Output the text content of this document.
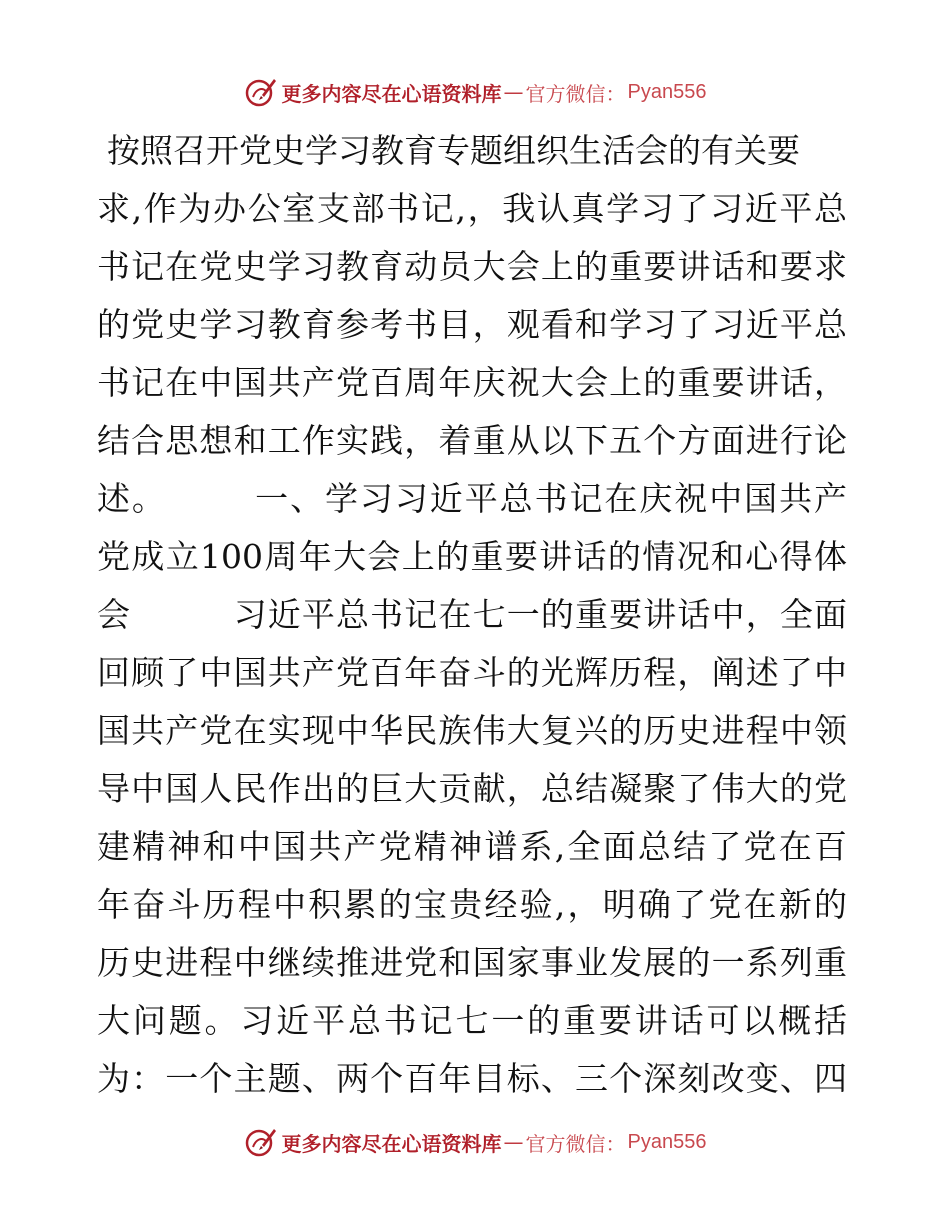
更多内容尽在心语资料库 — 官方微信： Pyan556
按照召开党史学习教育专题组织生活会的有关要
求,作为办公室支部书记,，我认真学习了习近平总
书记在党史学习教育动员大会上的重要讲话和要求
的党史学习教育参考书目，观看和学习了习近平总
书记在中国共产党百周年庆祝大会上的重要讲话，
结合思想和工作实践，着重从以下五个方面进行论
述。　　　一、学习习近平总书记在庆祝中国共产
党成立100周年大会上的重要讲话的情况和心得体
会　　　习近平总书记在七一的重要讲话中，全面
回顾了中国共产党百年奋斗的光辉历程，阐述了中
国共产党在实现中华民族伟大复兴的历史进程中领
导中国人民作出的巨大贡献，总结凝聚了伟大的党
建精神和中国共产党精神谱系,全面总结了党在百
年奋斗历程中积累的宝贵经验,，明确了党在新的
历史进程中继续推进党和国家事业发展的一系列重
大问题。习近平总书记七一的重要讲话可以概括
为：一个主题、两个百年目标、三个深刻改变、四
更多内容尽在心语资料库 — 官方微信： Pyan556
